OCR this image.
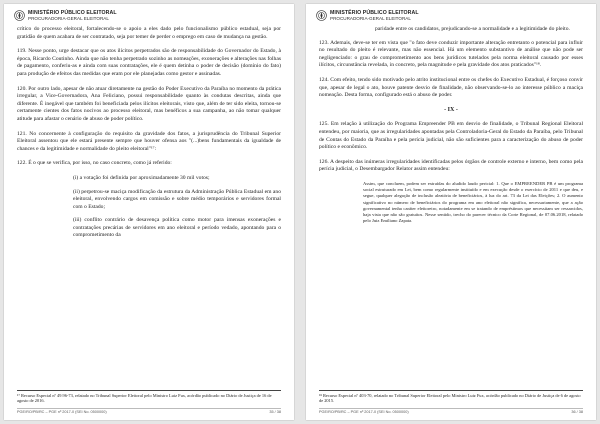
MINISTÉRIO PÚBLICO ELEITORAL
PROCURADORIA-GERAL ELEITORAL

crítico do processo eleitoral, fortalecendo-se o apoio a eles dado pelo funcionalismo público estadual, seja por gratidão de quem acabara de ser contratado, seja por temer de perder o emprego em caso de mudança na gestão.

119. Nesse ponto, urge destacar que os atos ilícitos perpetrados são de responsabilidade do Governador do Estado, à época, Ricardo Coutinho. Ainda que não tenha perpetrado sozinho as nomeações, exonerações e alterações nas folhas de pagamento, conferiu-as e ainda com suas contratações, ele é quem detinha o poder de decisão (domínio do fato) para produção de efeitos das medidas que eram por ele planejadas como gestor e assinadas.

120. Por outro lado, apesar de não atuar diretamente na gestão do Poder Executivo da Paraíba no momento da prática irregular, a Vice-Governadora, Ana Feliciano, possui responsabilidade quanto às condutas descritas, ainda que diferente. É inegável que também foi beneficiada pelos ilícitos eleitorais, visto que, além de ter sido eleita, tornou-se certamente cientes dos fatos nocivos ao processo eleitoral, mas benéficos a sua campanha, ao não tomar qualquer atitude para afastar o cenário de abuso de poder político.

121. No concernente à configuração do requisito da gravidade dos fatos, a jurisprudência do Tribunal Superior Eleitoral assentou que ele estará presente sempre que houver ofensa aos "(...)bens fundamentais da igualdade de chances e da legitimidade e normalidade do pleito eleitoral"¹⁷:

122. É o que se verifica, por isso, no caso concreto, como já referido:

(i) a votação foi definida por aproximadamente 30 mil votos;

(ii) perpetrou-se maciça modificação da estrutura da Administração Pública Estadual em ano eleitoral, envolvendo cargos em comissão e sobre médio temporários e servidores formal com o Estado;

(iii) conflito contrário de desavença política como motor para imensas exonerações e contratações precárias de servidores em ano eleitoral e período vedado, apontando para o comprometimento da

¹⁷ Recurso Especial nº 49.96-73, relatado no Tribunal Superior Eleitoral pelo Ministro Luiz Fux, acórdão publicado no Diário de Justiça de 16 de agosto de 2016.
PGE/RO/PB/RC – PGE nº 2017-0 (SEI No. 0500000)	35 / 38
MINISTÉRIO PÚBLICO ELEITORAL
PROCURADORIA-GERAL ELEITORAL

paridade entre os candidatos, prejudicando-se a normalidade e a legitimidade do pleito.

123. Ademais, deve-se ter em vista que "o fato deve conduzir importante alteração entretanto o potencial para influir no resultado do pleito é relevante, mas não essencial. Há um elemento substantivo de análise que não pode ser negligenciado: o grau de comprometimento aos bens jurídicos tutelados pela norma eleitoral causado por esses ilícitos, circunstância revelada, in concreto, pela magnitude e pela gravidade dos atos praticados"¹⁸.

124. Com efeito, tendo sido motivado pelo atrito institucional entre os chefes do Executivo Estadual, é forçoso convir que, apesar de legal o ato, houve patente desvio de finalidade, não observando-se-lo ao interesse público a maciça nomeação. Desta forma, configurado está o abuso de poder.

- IX -

125. Em relação à utilização do Programa Empreender PB em desvio de finalidade, o Tribunal Regional Eleitoral entendeu, por maioria, que as irregularidades apontadas pela Controladoria-Geral do Estado da Paraíba, pelo Tribunal de Contas do Estado da Paraíba e pela perícia judicial, não são suficientes para a caracterização do abuso de poder político e econômico.

126. A despeito das inúmeras irregularidades identificadas pelos órgãos de controle externo e interno, bem como pela perícia judicial, o Desembargador Relator assim entendeu:

Assim, que concluem, podem ser extraídas do aludido laudo pericial: 1. Que o EMPREENDER PB é um programa social estruturado em Lei, bem como regularmente instituído e em execução desde o exercício de 2011 e que deu, e segue, qualquer alegação de inclusão aleatória de beneficiários, à luz do art. 73 da Lei das Eleições; 2. O aumento significativo no número de beneficiários do programa em ano eleitoral não significa, necessariamente, que a ação governamental tenha caráter eleitoreiro, notadamente em se tratando de empréstimos que necessitam ser ressarcidos, haja vista que não são gratuitos. Nesse sentido, trecho do parecer técnico da Corte Regional, de 07.06.2018, relatado pelo Juiz Emiliano Zapata.

¹⁸ Recurso Especial nº 403-70, relatado no Tribunal Superior Eleitoral pelo Ministro Luiz Fux, acórdão publicado no Diário de Justiça de 6 de agosto de 2015.
PGE/RO/PB/RC – PGE nº 2017-0 (SEI No. 0500000)	36 / 38
